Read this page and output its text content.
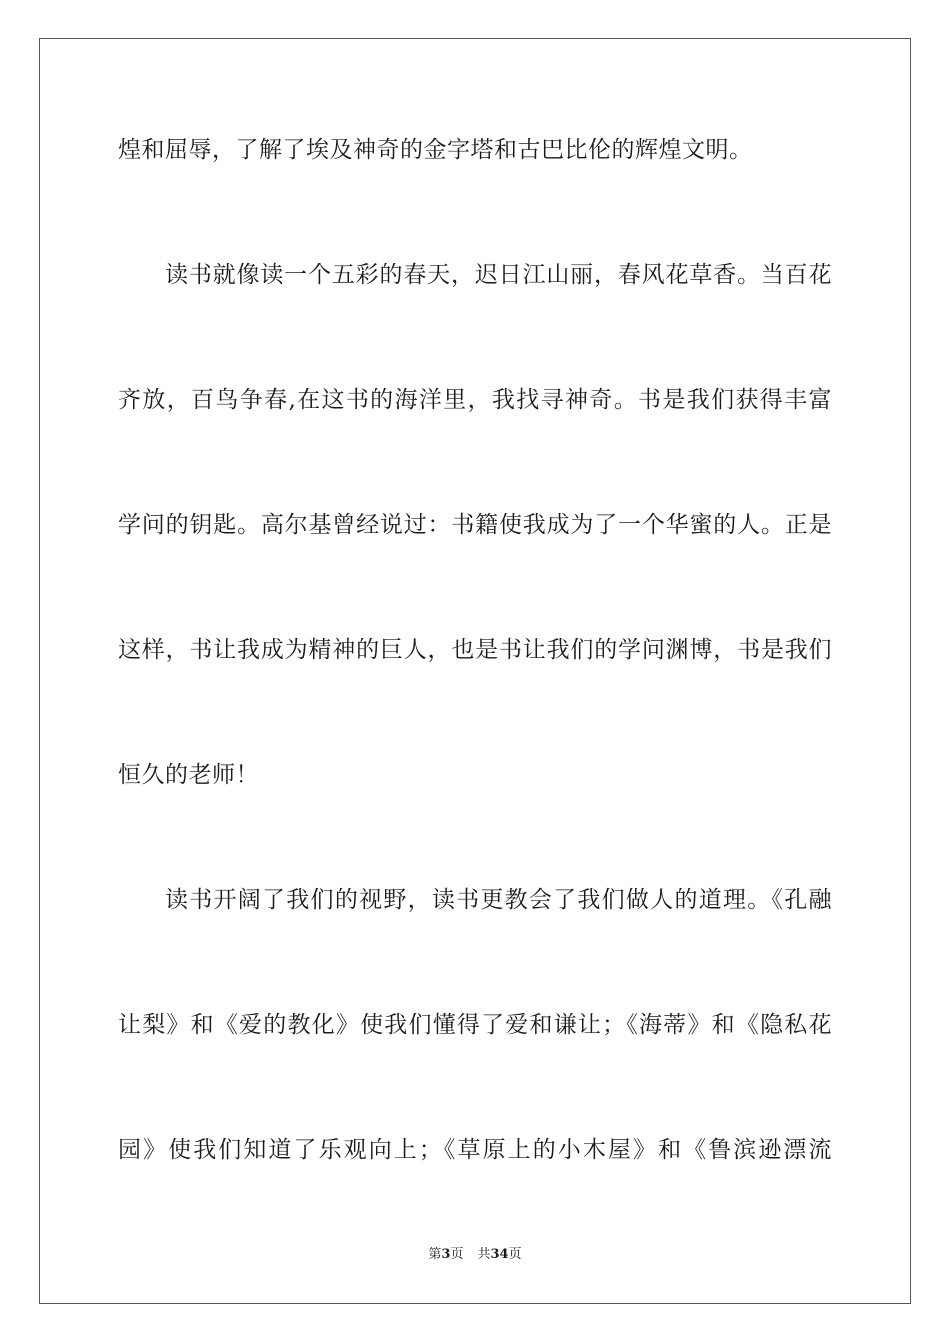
煌和屈辱，了解了埃及神奇的金字塔和古巴比伦的辉煌文明。
读书就像读一个五彩的春天，迟日江山丽，春风花草香。当百花
齐放，百鸟争春,在这书的海洋里，我找寻神奇。书是我们获得丰富
学问的钥匙。高尔基曾经说过：书籍使我成为了一个华蜜的人。正是
这样，书让我成为精神的巨人，也是书让我们的学问渊博，书是我们
恒久的老师！
读书开阔了我们的视野，读书更教会了我们做人的道理。《孔融
让梨》和《爱的教化》使我们懂得了爱和谦让；《海蒂》和《隐私花
园》使我们知道了乐观向上；《草原上的小木屋》和《鲁滨逊漂流
第3页 共34页
